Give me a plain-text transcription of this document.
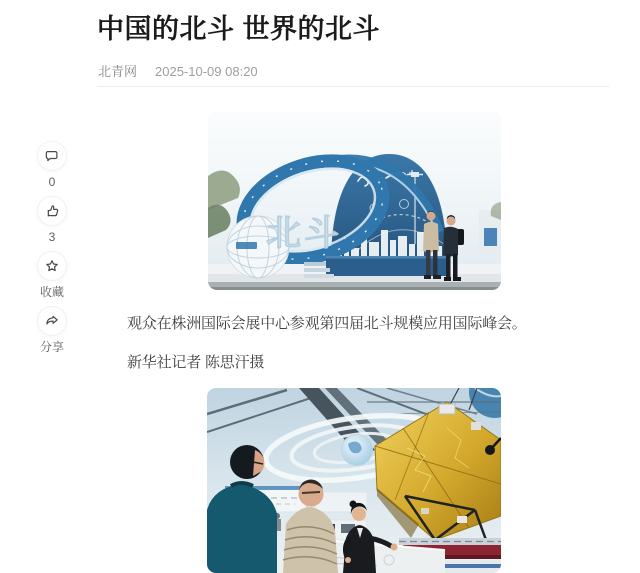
中国的北斗 世界的北斗
北青网 2025-10-09 08:20
0
3
收藏
分享
北斗

观众在株洲国际会展中心参观第四届北斗规模应用国际峰会。

新华社记者 陈思汗摄
